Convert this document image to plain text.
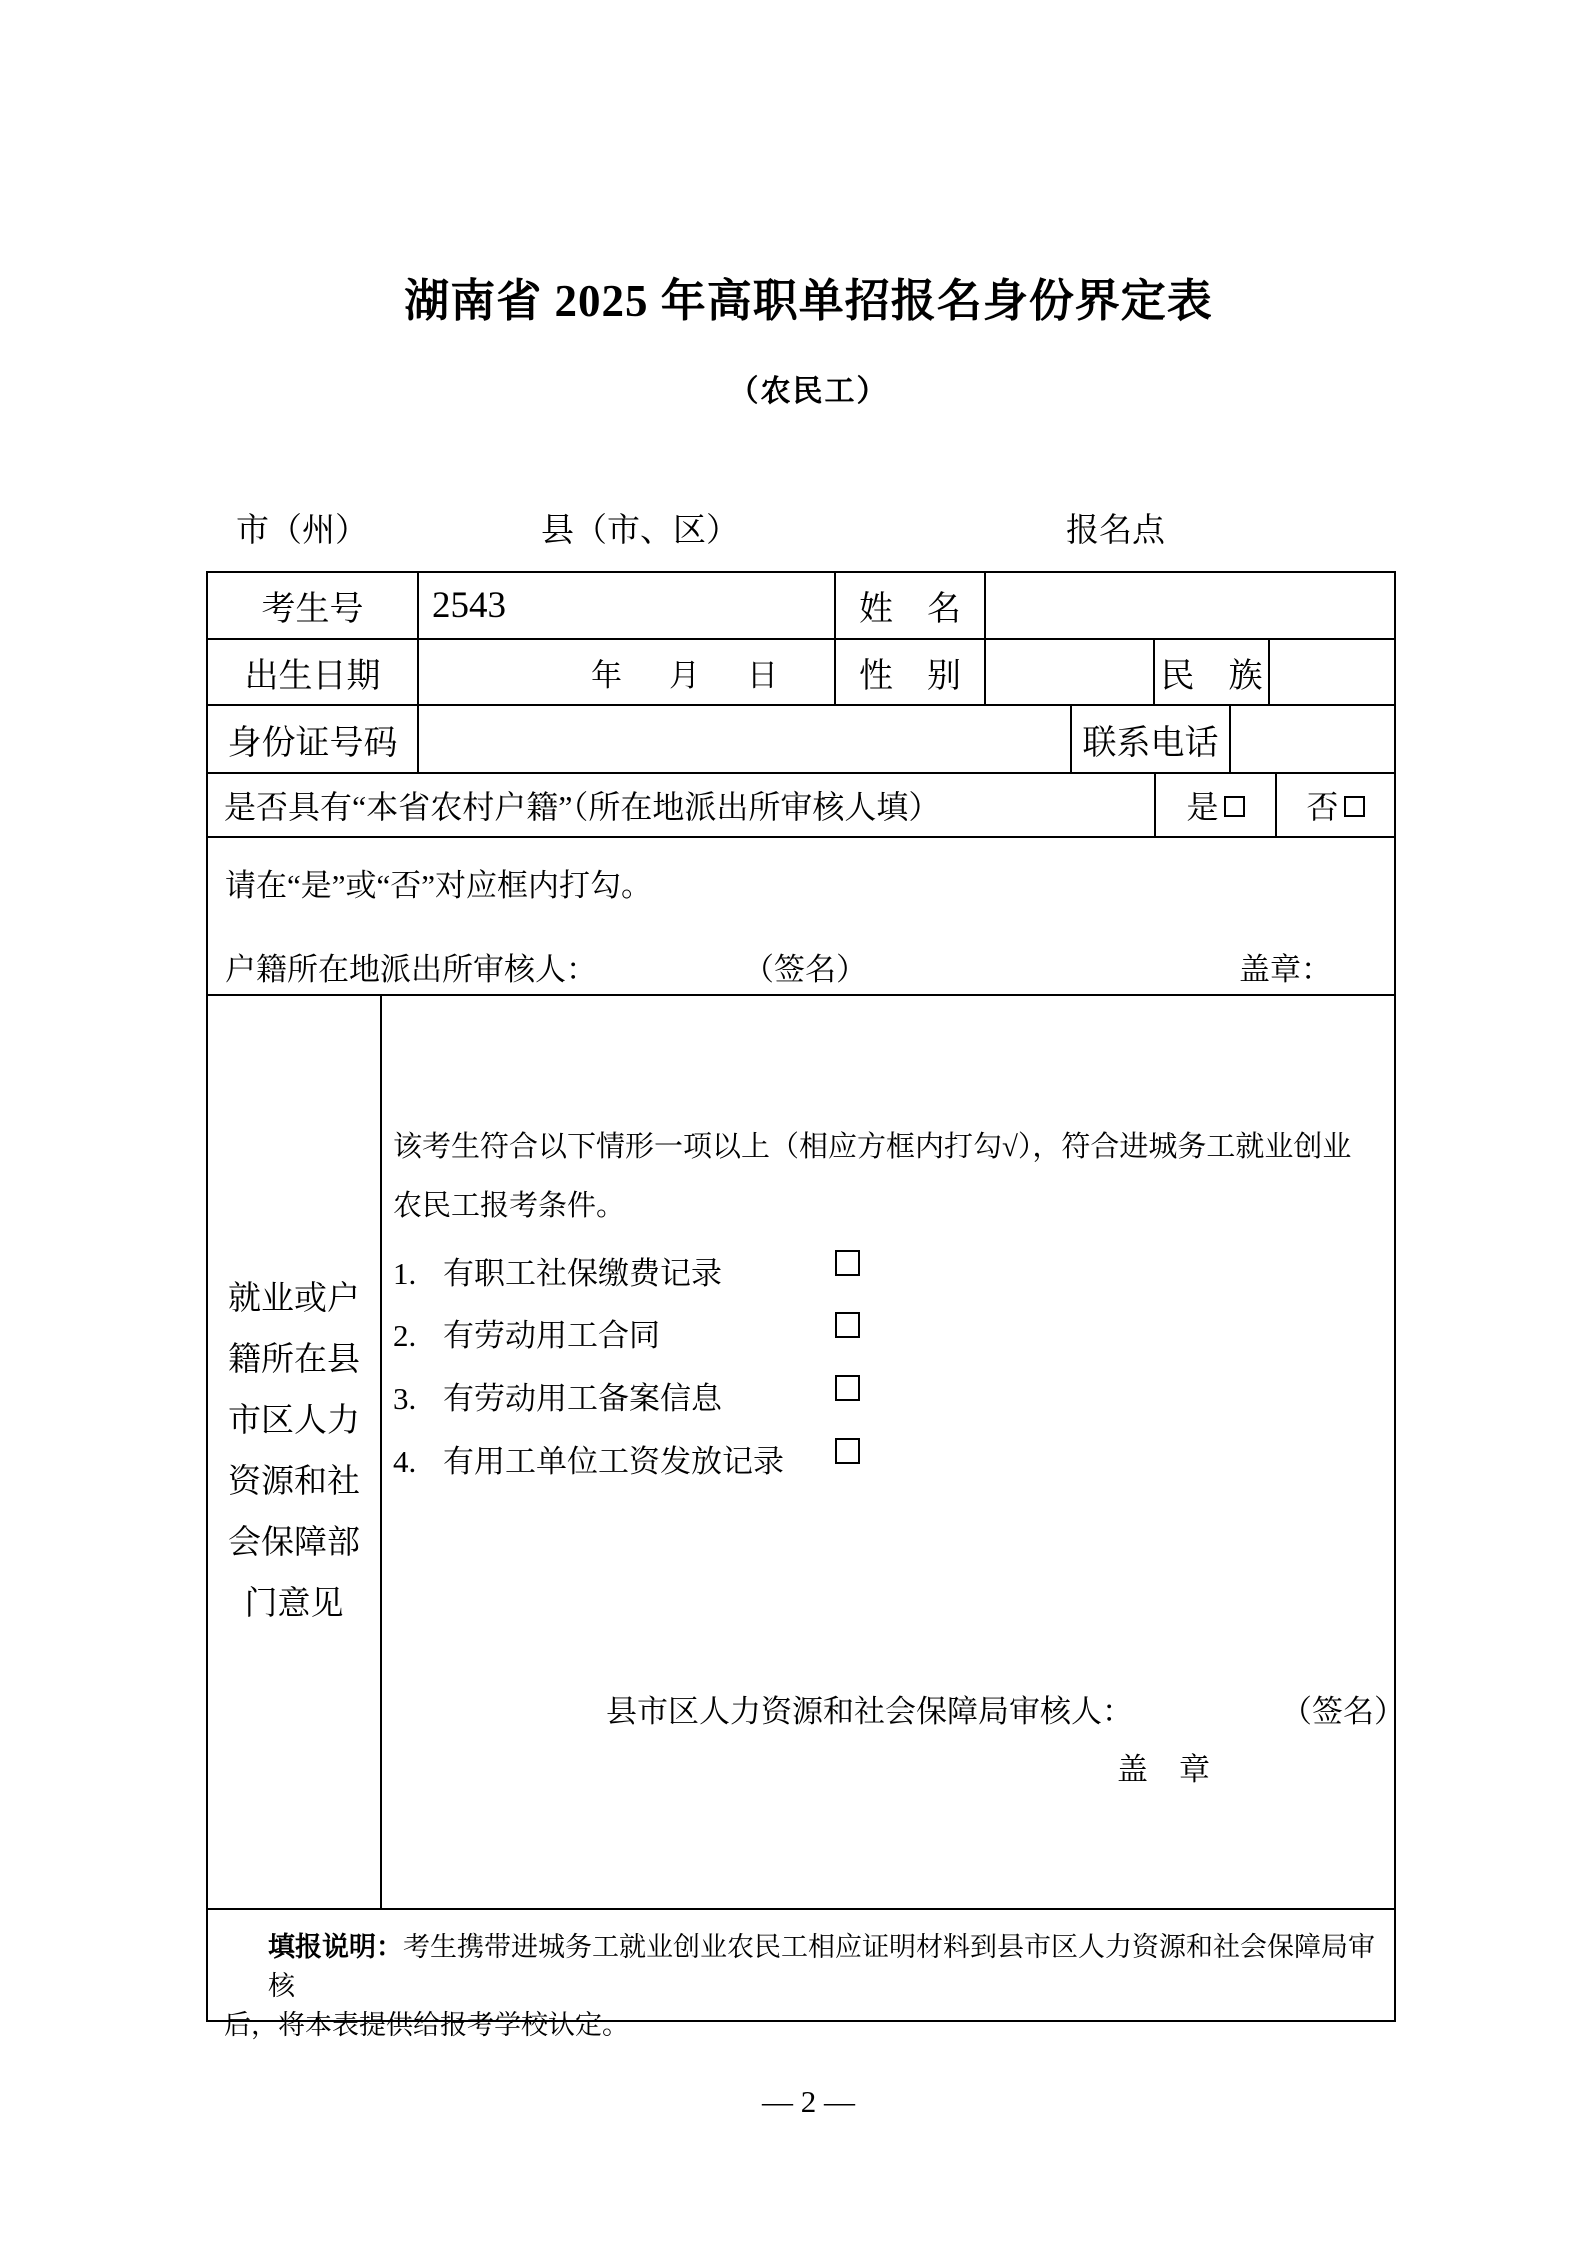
湖南省 2025 年高职单招报名身份界定表
（农民工）
市（州）	县（市、区）	报名点
考生号	2543	姓　名
出生日期	年 月 日	性　别	民　族
身份证号码	联系电话
是否具有“本省农村户籍”（所在地派出所审核人填）	是	否
请在“是”或“否”对应框内打勾。
户籍所在地派出所审核人：	（签名）	盖章：
就业或户
籍所在县
市区人力
资源和社
会保障部
门意见
该考生符合以下情形一项以上（相应方框内打勾√），符合进城务工就业创业
农民工报考条件。
1. 有职工社保缴费记录
2. 有劳动用工合同
3. 有劳动用工备案信息
4. 有用工单位工资发放记录
县市区人力资源和社会保障局审核人：	（签名）
盖　章
填报说明：考生携带进城务工就业创业农民工相应证明材料到县市区人力资源和社会保障局审核
后，将本表提供给报考学校认定。
— 2 —
